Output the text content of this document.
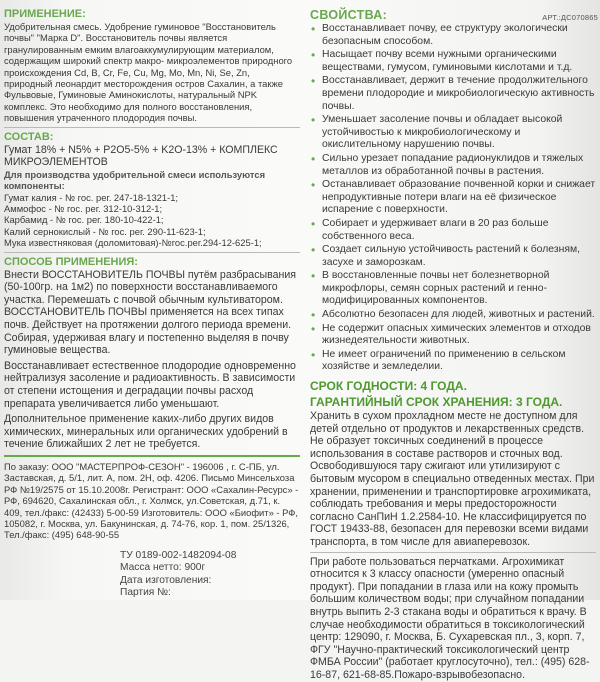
ПРИМЕНЕНИЕ:

Удобрительная смесь. Удобрение гуминовое "Восстановитель почвы" "Марка D". Восстановитель почвы является гранулированным емким влагоаккумулирующим материалом, содержащим широкий спектр макро- микроэлементов природного происхождения Cd, B, Cr, Fe, Cu, Mg, Mo, Mn, Ni, Se, Zn, природный леонардит месторождения остров Сахалин, а также Фульвовые, Гуминовые Аминокислоты, натуральный NPK комплекс. Это необходимо для полного восстановления, повышения утраченного плодородия почвы.

СОСТАВ:

Гумат 18% + N5% + P2O5-5% + K2O-13% + КОМПЛЕКС МИКРОЭЛЕМЕНТОВ

Для производства удобрительной смеси используются компоненты:

Гумат калия - № гос. рег. 247-18-1321-1;

Аммофос - № гос. рег. 312-10-312-1;

Карбамид - № гос. рег. 180-10-422-1;

Калий сернокислый - № гос. рег. 290-11-623-1;

Мука известняковая (доломитовая)-№гос.рег.294-12-625-1;

СПОСОБ ПРИМЕНЕНИЯ:

Внести ВОССТАНОВИТЕЛЬ ПОЧВЫ путём разбрасывания (50-100гр. на 1м2) по поверхности восстанавливаемого участка. Перемешать с почвой обычным культиватором. ВОССТАНОВИТЕЛЬ ПОЧВЫ применяется на всех типах почв. Действует на протяжении долгого периода времени. Собирая, удерживая влагу и постепенно выделяя в почву гуминовые вещества.

Восстанавливает естественное плодородие одновременно нейтрализуя засоление и радиоактивность. В зависимости от степени истощения и деградации почвы расход препарата увеличивается либо уменьшают.

Дополнительное применение каких-либо других видов химических, минеральных или органических удобрений в течение ближайших 2 лет не требуется.

По заказу: ООО "МАСТЕРПРОФ-СЕЗОН" - 196006 , г. С-ПБ, ул. Заставская, д. 5/1, лит. А, пом. 2Н, оф. 4206. Письмо Минсельхоза РФ №19/2575 от 15.10.2008г. Регистрант: ООО «Сахалин-Ресурс» - РФ, 694620, Сахалинская обл., г. Холмск, ул.Советская, д.71, к. 409, тел./факс: (42433) 5-00-59 Изготовитель: ООО «Биофит» - РФ, 105082, г. Москва, ул. Бакунинская, д. 74-76, кор. 1, пом. 25/1326, Тел./факс: (495) 648-90-55

ТУ 0189-002-1482094-08

Масса нетто: 900г

Дата изготовления:

Партия №:

СВОЙСТВА:
• Восстанавливает почву, ее структуру экологически безопасным способом.
• Насыщает почву всеми нужными органическими веществами, гумусом, гуминовыми кислотами и т.д.
• Восстанавливает, держит в течение продолжительного времени плодородие и микробиологическую активность почвы.
• Уменьшает засоление почвы и обладает высокой устойчивостью к микробиологическому и окислительному нарушению почвы.
• Сильно урезает попадание радионуклидов и тяжелых металлов из обработанной почвы в растения.
• Останавливает образование почвенной корки и снижает непродуктивные потери влаги на её физическое испарение с поверхности.
• Собирает и удерживает влаги в 20 раз больше собственного веса.
• Создает сильную устойчивость растений к болезням, засухе и заморозкам.
• В восстановленные почвы нет болезнетворной микрофлоры, семян сорных растений и генно-модифицированных компонентов.
• Абсолютно безопасен для людей, животных и растений.
• Не содержит опасных химических элементов и отходов жизнедеятельности животных.
• Не имеет ограничений по применению в сельском хозяйстве и земледелии.
СРОК ГОДНОСТИ: 4 ГОДА.
ГАРАНТИЙНЫЙ СРОК ХРАНЕНИЯ: 3 ГОДА.

Хранить в сухом прохладном месте не доступном для детей отдельно от продуктов и лекарственных средств. Не образует токсичных соединений в процессе использования в составе растворов и сточных вод. Освободившуюся тару сжигают или утилизируют с бытовым мусором в специально отведенных местах. При хранении, применении и транспортировке агрохимиката, соблюдать требования и меры предосторожности согласно СанПиН 1.2.2584-10. Не классифицируется по ГОСТ 19433-88, безопасен для перевозки всеми видами транспорта, в том числе для авиаперевозок.

При работе пользоваться перчатками. Агрохимикат относится к 3 классу опасности (умеренно опасный продукт). При попадании в глаза или на кожу промыть большим количеством воды; при случайном попадании внутрь выпить 2-3 стакана воды и обратиться к врачу. В случае необходимости обратиться в токсикологический центр: 129090, г. Москва, Б. Сухаревская пл., 3, корп. 7, ФГУ "Научно-практический токсикологический центр ФМБА России" (работает круглосуточно), тел.: (495) 628-16-87, 621-68-85.Пожаро-взрывобезопасно.

АРТ.:ДС070865
